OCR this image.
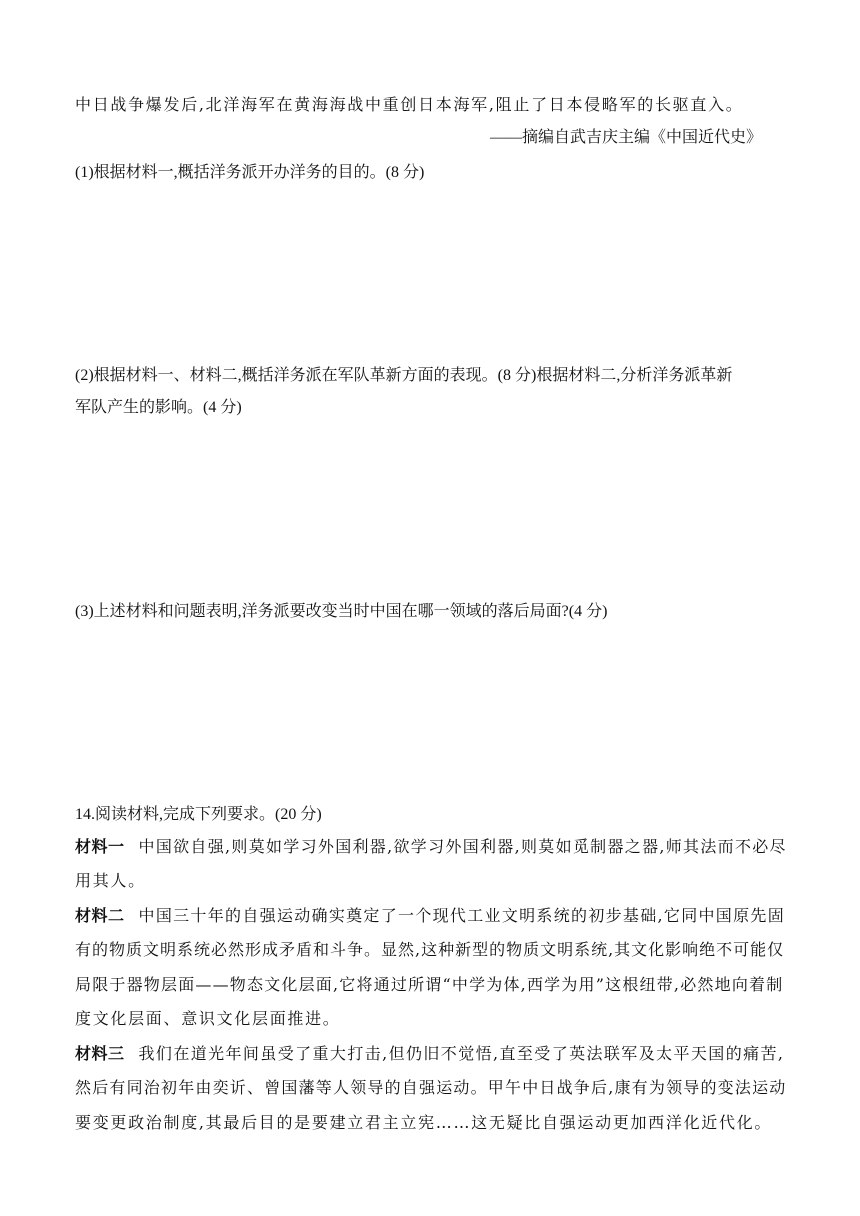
中日战争爆发后,北洋海军在黄海海战中重创日本海军,阻止了日本侵略军的长驱直入。
——摘编自武吉庆主编《中国近代史》
(1)根据材料一,概括洋务派开办洋务的目的。(8 分)
(2)根据材料一、材料二,概括洋务派在军队革新方面的表现。(8 分)根据材料二,分析洋务派革新
军队产生的影响。(4 分)
(3)上述材料和问题表明,洋务派要改变当时中国在哪一领域的落后局面?(4 分)
14.阅读材料,完成下列要求。(20 分)
材料一 中国欲自强,则莫如学习外国利器,欲学习外国利器,则莫如觅制器之器,师其法而不必尽
用其人。
材料二 中国三十年的自强运动确实奠定了一个现代工业文明系统的初步基础,它同中国原先固
有的物质文明系统必然形成矛盾和斗争。显然,这种新型的物质文明系统,其文化影响绝不可能仅
局限于器物层面——物态文化层面,它将通过所谓“中学为体,西学为用”这根纽带,必然地向着制
度文化层面、意识文化层面推进。
材料三 我们在道光年间虽受了重大打击,但仍旧不觉悟,直至受了英法联军及太平天国的痛苦,
然后有同治初年由奕䜣、曾国藩等人领导的自强运动。甲午中日战争后,康有为领导的变法运动
要变更政治制度,其最后目的是要建立君主立宪……这无疑比自强运动更加西洋化近代化。
